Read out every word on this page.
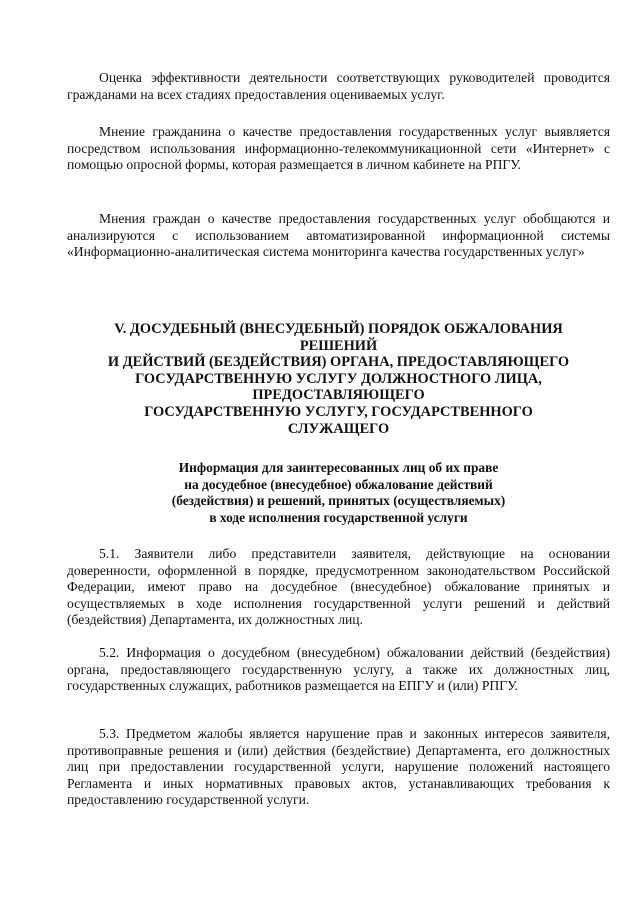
Оценка эффективности деятельности соответствующих руководителей проводится гражданами на всех стадиях предоставления оцениваемых услуг.

Мнение гражданина о качестве предоставления государственных услуг выявляется посредством использования информационно-телекоммуникационной сети «Интернет» с помощью опросной формы, которая размещается в личном кабинете на РПГУ.

Мнения граждан о качестве предоставления государственных услуг обобщаются и анализируются с использованием автоматизированной информационной системы «Информационно-аналитическая система мониторинга качества государственных услуг»

V. ДОСУДЕБНЫЙ (ВНЕСУДЕБНЫЙ) ПОРЯДОК ОБЖАЛОВАНИЯ
РЕШЕНИЙ
И ДЕЙСТВИЙ (БЕЗДЕЙСТВИЯ) ОРГАНА, ПРЕДОСТАВЛЯЮЩЕГО
ГОСУДАРСТВЕННУЮ УСЛУГУ ДОЛЖНОСТНОГО ЛИЦА,
ПРЕДОСТАВЛЯЮЩЕГО
ГОСУДАРСТВЕННУЮ УСЛУГУ, ГОСУДАРСТВЕННОГО
СЛУЖАЩЕГО
Информация для заинтересованных лиц об их праве
на досудебное (внесудебное) обжалование действий
(бездействия) и решений, принятых (осуществляемых)
в ходе исполнения государственной услуги

5.1. Заявители либо представители заявителя, действующие на основании доверенности, оформленной в порядке, предусмотренном законодательством Российской Федерации, имеют право на досудебное (внесудебное) обжалование принятых и осуществляемых в ходе исполнения государственной услуги решений и действий (бездействия) Департамента, их должностных лиц.

5.2. Информация о досудебном (внесудебном) обжаловании действий (бездействия) органа, предоставляющего государственную услугу, а также их должностных лиц, государственных служащих, работников размещается на ЕПГУ и (или) РПГУ.

5.3. Предметом жалобы является нарушение прав и законных интересов заявителя, противоправные решения и (или) действия (бездействие) Департамента, его должностных лиц при предоставлении государственной услуги, нарушение положений настоящего Регламента и иных нормативных правовых актов, устанавливающих требования к предоставлению государственной услуги.
